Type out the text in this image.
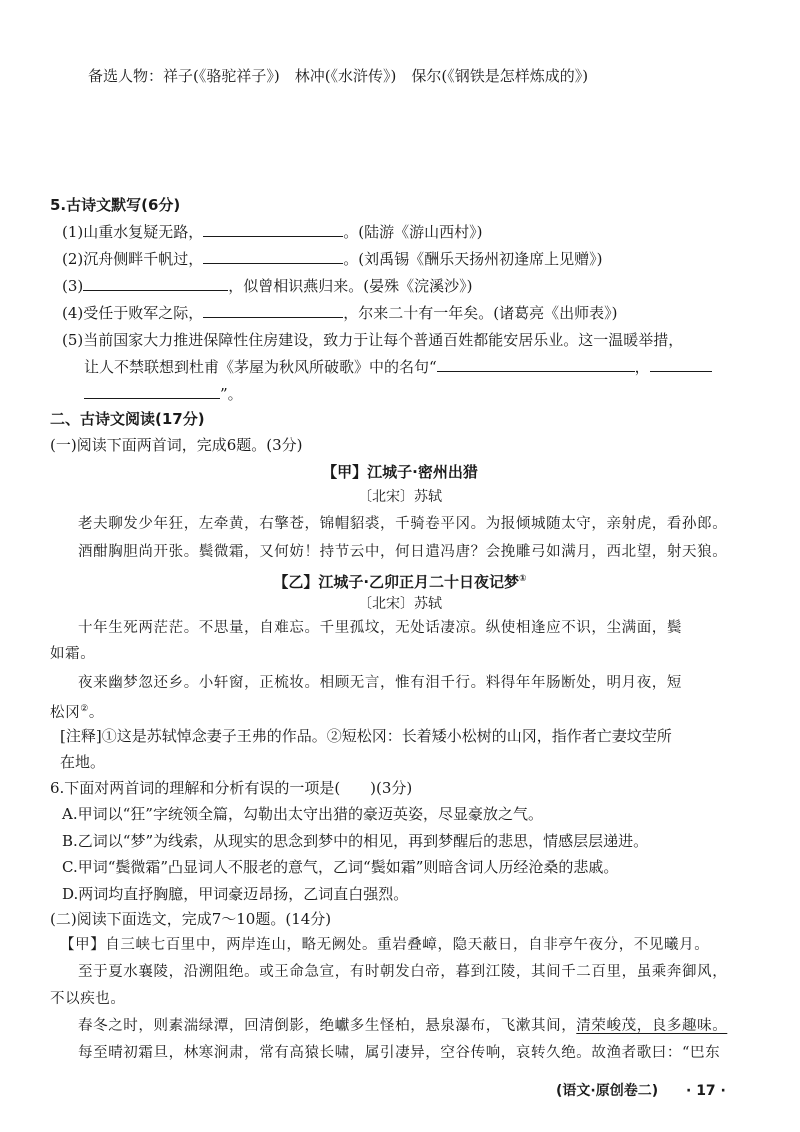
备选人物：祥子(《骆驼祥子》)　林冲(《水浒传》)　保尔(《钢铁是怎样炼成的》)
5.古诗文默写(6分)
(1)山重水复疑无路，	。(陆游《游山西村》)
(2)沉舟侧畔千帆过，	。(刘禹锡《酬乐天扬州初逢席上见赠》)
(3)	，似曾相识燕归来。(晏殊《浣溪沙》)
(4)受任于败军之际，	，尔来二十有一年矣。(诸葛亮《出师表》)
(5)当前国家大力推进保障性住房建设，致力于让每个普通百姓都能安居乐业。这一温暖举措，
让人不禁联想到杜甫《茅屋为秋风所破歌》中的名句“	，
”。
二、古诗文阅读(17分)
(一)阅读下面两首词，完成6题。(3分)
【甲】江城子·密州出猎
〔北宋〕苏轼
老夫聊发少年狂，左牵黄，右擎苍，锦帽貂裘，千骑卷平冈。为报倾城随太守，亲射虎，看孙郎。
酒酣胸胆尚开张。鬓微霜，又何妨！持节云中，何日遣冯唐？会挽雕弓如满月，西北望，射天狼。
【乙】江城子·乙卯正月二十日夜记梦①
〔北宋〕苏轼
十年生死两茫茫。不思量，自难忘。千里孤坟，无处话凄凉。纵使相逢应不识，尘满面，鬓
如霜。
夜来幽梦忽还乡。小轩窗，正梳妆。相顾无言，惟有泪千行。料得年年肠断处，明月夜，短
松冈②。
[注释]①这是苏轼悼念妻子王弗的作品。②短松冈：长着矮小松树的山冈，指作者亡妻坟茔所
在地。
6.下面对两首词的理解和分析有误的一项是(　　)(3分)
A.甲词以“狂”字统领全篇，勾勒出太守出猎的豪迈英姿，尽显豪放之气。
B.乙词以“梦”为线索，从现实的思念到梦中的相见，再到梦醒后的悲思，情感层层递进。
C.甲词“鬓微霜”凸显词人不服老的意气，乙词“鬓如霜”则暗含词人历经沧桑的悲戚。
D.两词均直抒胸臆，甲词豪迈昂扬，乙词直白强烈。
(二)阅读下面选文，完成7～10题。(14分)
【甲】自三峡七百里中，两岸连山，略无阙处。重岩叠嶂，隐天蔽日，自非亭午夜分，不见曦月。
至于夏水襄陵，沿溯阻绝。或王命急宣，有时朝发白帝，暮到江陵，其间千二百里，虽乘奔御风，
不以疾也。
春冬之时，则素湍绿潭，回清倒影，绝巘多生怪柏，悬泉瀑布，飞漱其间，清荣峻茂，良多趣味。
每至晴初霜旦，林寒涧肃，常有高猿长啸，属引凄异，空谷传响，哀转久绝。故渔者歌曰：“巴东
(语文·原创卷二) · 17 ·
